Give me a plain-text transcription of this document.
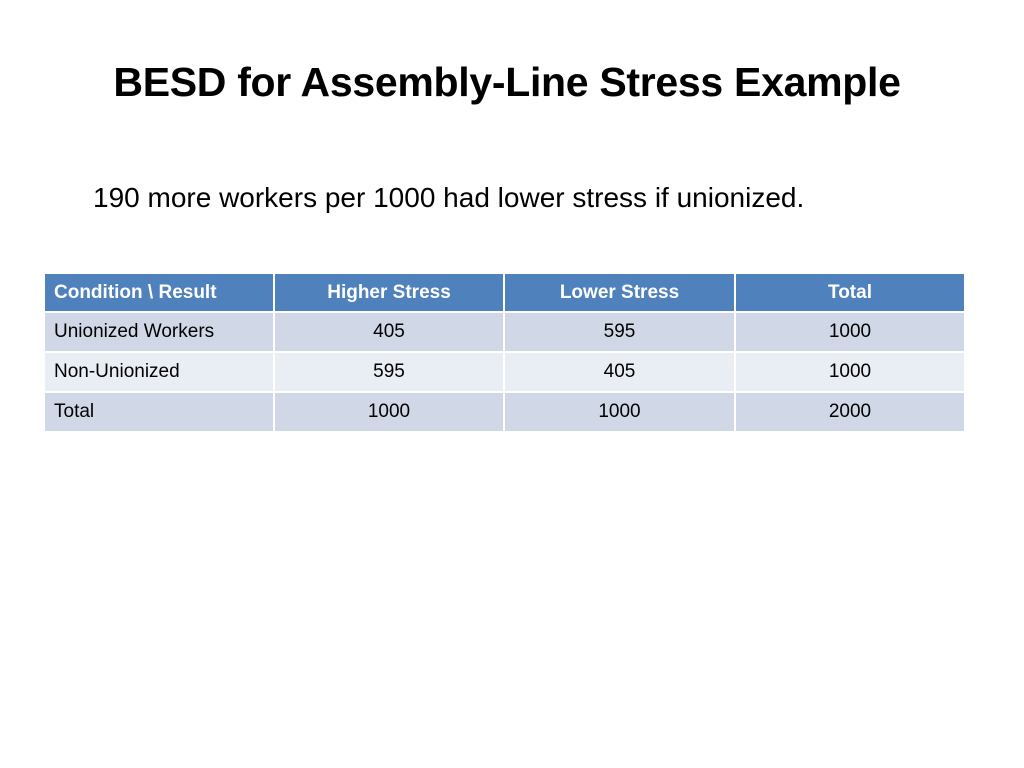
BESD for Assembly-Line Stress Example

190 more workers per 1000 had lower stress if unionized.

Condition \ Result	Higher Stress	Lower Stress	Total
Unionized Workers	405	595	1000
Non-Unionized	595	405	1000
Total	1000	1000	2000
